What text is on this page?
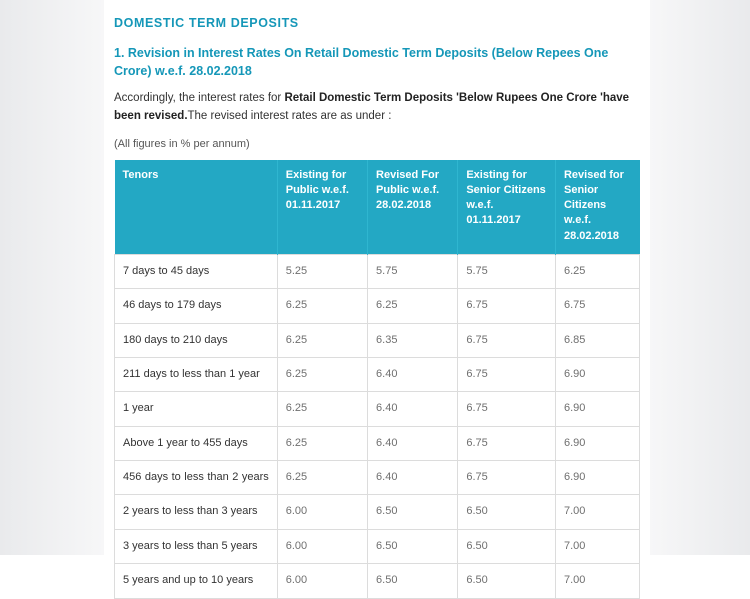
DOMESTIC TERM DEPOSITS
1. Revision in Interest Rates On Retail Domestic Term Deposits (Below Repees One Crore) w.e.f. 28.02.2018

Accordingly, the interest rates for Retail Domestic Term Deposits 'Below Rupees One Crore 'have been revised.The revised interest rates are as under :

(All figures in % per annum)
Tenors	Existing for Public w.e.f. 01.11.2017	Revised For Public w.e.f. 28.02.2018	Existing for Senior Citizens w.e.f. 01.11.2017	Revised for Senior Citizens w.e.f. 28.02.2018
7 days to 45 days	5.25	5.75	5.75	6.25
46 days to 179 days	6.25	6.25	6.75	6.75
180 days to 210 days	6.25	6.35	6.75	6.85
211 days to less than 1 year	6.25	6.40	6.75	6.90
1 year	6.25	6.40	6.75	6.90
Above 1 year to 455 days	6.25	6.40	6.75	6.90
456 days to less than 2 years	6.25	6.40	6.75	6.90
2 years to less than 3 years	6.00	6.50	6.50	7.00
3 years to less than 5 years	6.00	6.50	6.50	7.00
5 years and up to 10 years	6.00	6.50	6.50	7.00
